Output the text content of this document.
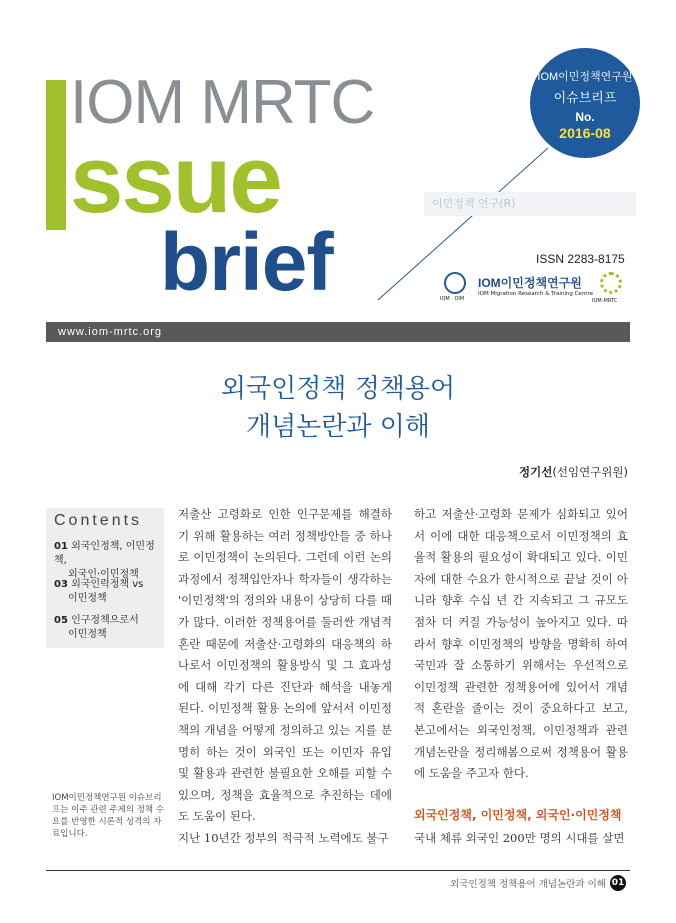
IOM MRTC
ssue
brief
IOM이민정책연구원
이슈브리프
No.
2016-08
이민정책 연구(R)
ISSN 2283-8175
IOM · OIM
IOM이민정책연구원
IOM Migration Research & Training Centre
IOM-MRTC
www.iom-mrtc.org
외국인정책 정책용어
개념논란과 이해
정기선(선임연구위원)
Contents
01 외국인정책, 이민정책,
외국인·이민정책
03 외국인력정책 vs
이민정책
05 인구정책으로서
이민정책
IOM이민정책연구원 이슈브리프는 이주 관련 주제의 정책 수요를 반영한 시론적 성격의 자료입니다.
저출산 고령화로 인한 인구문제를 해결하기 위해 활용하는 여러 정책방안들 중 하나로 이민정책이 논의된다. 그런데 이런 논의과정에서 정책입안자나 학자들이 생각하는 '이민정책'의 정의와 내용이 상당히 다를 때가 많다. 이러한 정책용어를 둘러싼 개념적 혼란 때문에 저출산·고령화의 대응책의 하나로서 이민정책의 활용방식 및 그 효과성에 대해 각기 다른 진단과 해석을 내놓게 된다. 이민정책 활용 논의에 앞서서 이민정책의 개념을 어떻게 정의하고 있는 지를 분명히 하는 것이 외국인 또는 이민자 유입 및 활용과 관련한 불필요한 오해를 피할 수 있으며, 정책을 효율적으로 추진하는 데에도 도움이 된다.
지난 10년간 정부의 적극적 노력에도 불구
하고 저출산·고령화 문제가 심화되고 있어서 이에 대한 대응책으로서 이민정책의 효율적 활용의 필요성이 확대되고 있다. 이민자에 대한 수요가 한시적으로 끝날 것이 아니라 향후 수십 년 간 지속되고 그 규모도 점차 더 커질 가능성이 높아지고 있다. 따라서 향후 이민정책의 방향을 명확히 하여 국민과 잘 소통하기 위해서는 우선적으로 이민정책 관련한 정책용어에 있어서 개념적 혼란을 줄이는 것이 중요하다고 보고, 본고에서는 외국인정책, 이민정책과 관련 개념논란을 정리해봄으로써 정책용어 활용에 도움을 주고자 한다.
외국인정책, 이민정책, 외국인·이민정책
국내 체류 외국인 200만 명의 시대를 살면
외국인정책 정책용어 개념논란과 이해 01
